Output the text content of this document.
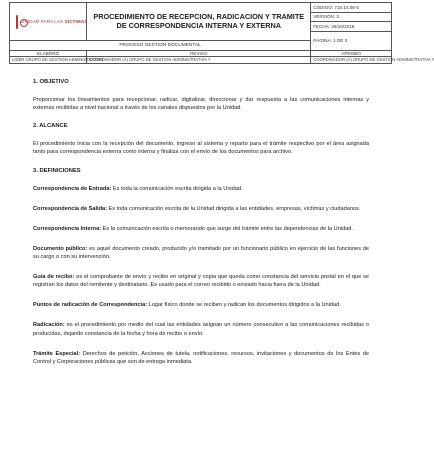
UNIDAD PARA LAS VÍCTIMAS	PROCEDIMIENTO DE RECEPCION, RADICACION Y TRAMITE DE CORRESPONDENCIA INTERNA Y EXTERNA	CÓDIGO: 710.14.08-5
		VERSIÓN: 3
		FECHA: 26/10/2016
		PÁGINA: 1 DE 3
PROCESO GESTION DOCUMENTAL		
ELABORO	REVISO	APROBO
LIDER GRUPO DE GESTION ADMINISTRATIVA	COORDINADOR (A) GRUPO DE GESTION ADMINISTRATIVA Y	COORDINADOR (A) GRUPO DE GESTION ADMINISTRATIVA Y
1. OBJETIVO

Proporcionar los lineamientos para recepcionar, radicar, digitalizar, direccionar y dar respuesta a las comunicaciones internas y externas recibidas a nivel nacional a través de los canales dispuestos por la Unidad.

2. ALCANCE

El procedimiento inicia con la recepción del documento, ingreso al sistema y reparto para el trámite respectivo por el área asignada tanto para correspondencia externa como interna y finaliza con el envío de los documentos para archivo.

3. DEFINICIONES

Correspondencia de Entrada: Es toda la comunicación escrita dirigida a la Unidad.

Correspondencia de Salida: Es toda comunicación escrita de la Unidad dirigida a las entidades, empresas, víctimas y ciudadanos.

Correspondencia Interna: Es la comunicación escrita o memorando que surge del trámite entre las dependencias de la Unidad.

Documento público: es aquel documento creado, producido y/o tramitado por un funcionario público en ejercicio de las funciones de su cargo o con su intervención.

Guía de recibo: es el comprobante de envío y recibo en original y copia que queda como constancia del servicio postal en el que se registran los datos del remitente y destinatario. Es usado para el correo recibido o enviado hacia fuera de la Unidad.

Puntos de radicación de Correspondencia: Lugar físico donde se reciben y radican los documentos dirigidos a la Unidad.

Radicación: es el procedimiento por medio del cual las entidades asignan un número consecutivo a las comunicaciones recibidas o producidas, dejando constancia de la fecha y hora de recibo o envío.

Trámite Especial: Derechos de petición, Acciones de tutela, notificaciones, recursos, invitaciones y documentos de los Entes de Control y Corporaciones públicas que son de entrega inmediata.
